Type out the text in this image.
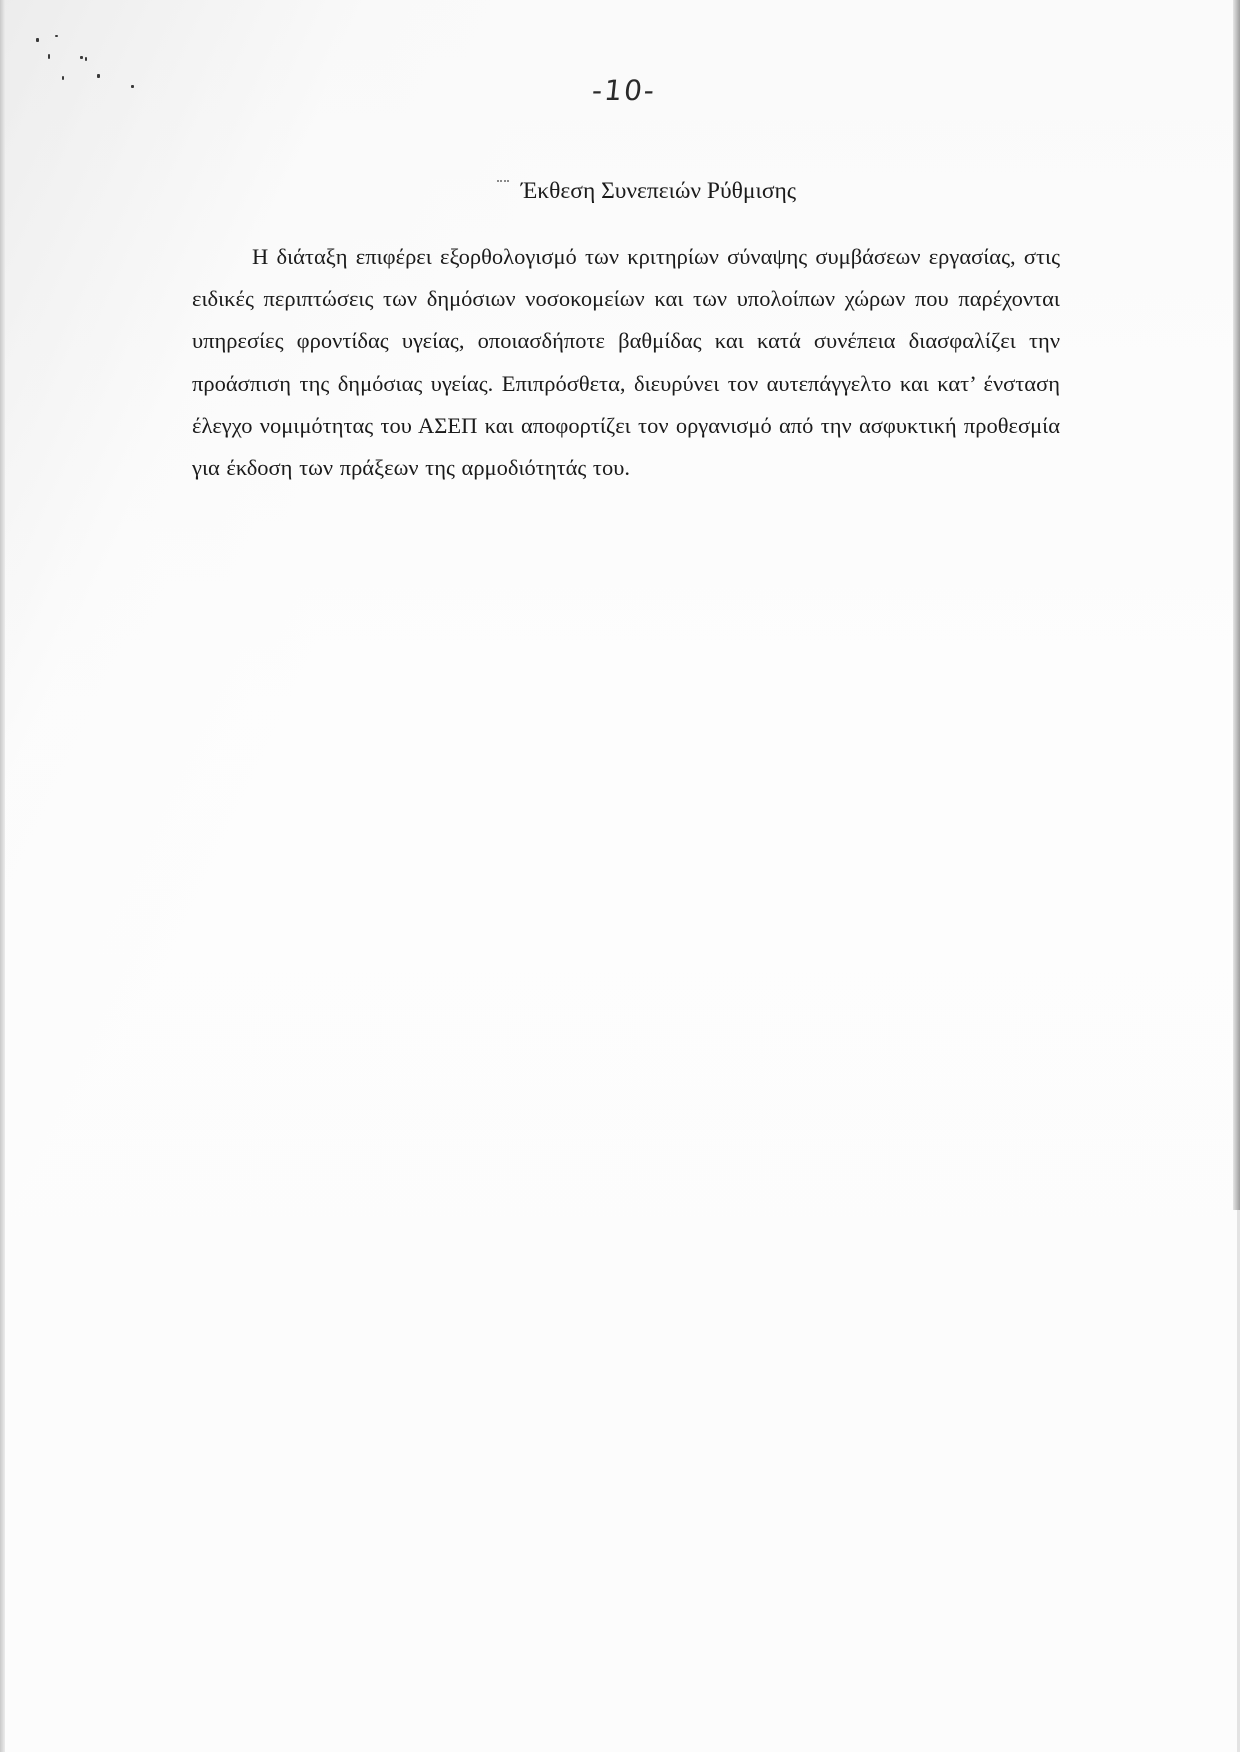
-10-
Έκθεση Συνεπειών Ρύθμισης

Η διάταξη επιφέρει εξορθολογισμό των κριτηρίων σύναψης συμβάσεων εργασίας, στις ειδικές περιπτώσεις των δημόσιων νοσοκομείων και των υπολοίπων χώρων που παρέχονται υπηρεσίες φροντίδας υγείας, οποιασδήποτε βαθμίδας και κατά συνέπεια διασφαλίζει την προάσπιση της δημόσιας υγείας. Επιπρόσθετα, διευρύνει τον αυτεπάγγελτο και κατ’ ένσταση έλεγχο νομιμότητας του ΑΣΕΠ και αποφορτίζει τον οργανισμό από την ασφυκτική προθεσμία για έκδοση των πράξεων της αρμοδιότητάς του.
